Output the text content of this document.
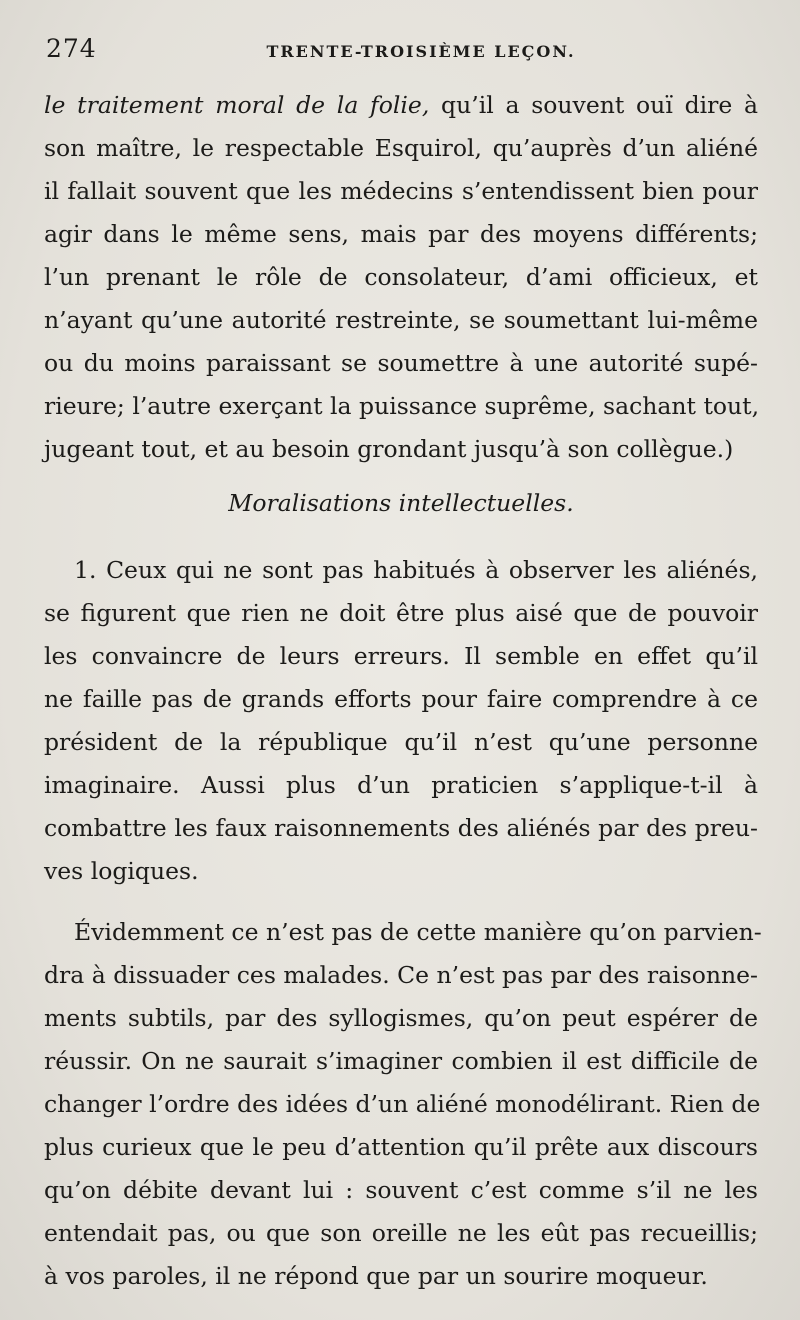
274	TRENTE-TROISIÈME LEÇON.
le traitement moral de la folie, qu’il a souvent ouï dire à
son maître, le respectable Esquirol, qu’auprès d’un aliéné
il fallait souvent que les médecins s’entendissent bien pour
agir dans le même sens, mais par des moyens différents;
l’un prenant le rôle de consolateur, d’ami officieux, et
n’ayant qu’une autorité restreinte, se soumettant lui-même
ou du moins paraissant se soumettre à une autorité supé-
rieure; l’autre exerçant la puissance suprême, sachant tout,
jugeant tout, et au besoin grondant jusqu’à son collègue.)
Moralisations intellectuelles.
1. Ceux qui ne sont pas habitués à observer les aliénés,
se figurent que rien ne doit être plus aisé que de pouvoir
les convaincre de leurs erreurs. Il semble en effet qu’il
ne faille pas de grands efforts pour faire comprendre à ce
président de la république qu’il n’est qu’une personne
imaginaire. Aussi plus d’un praticien s’applique-t-il à
combattre les faux raisonnements des aliénés par des preu-
ves logiques.
Évidemment ce n’est pas de cette manière qu’on parvien-
dra à dissuader ces malades. Ce n’est pas par des raisonne-
ments subtils, par des syllogismes, qu’on peut espérer de
réussir. On ne saurait s’imaginer combien il est difficile de
changer l’ordre des idées d’un aliéné monodélirant. Rien de
plus curieux que le peu d’attention qu’il prête aux discours
qu’on débite devant lui : souvent c’est comme s’il ne les
entendait pas, ou que son oreille ne les eût pas recueillis;
à vos paroles, il ne répond que par un sourire moqueur.
